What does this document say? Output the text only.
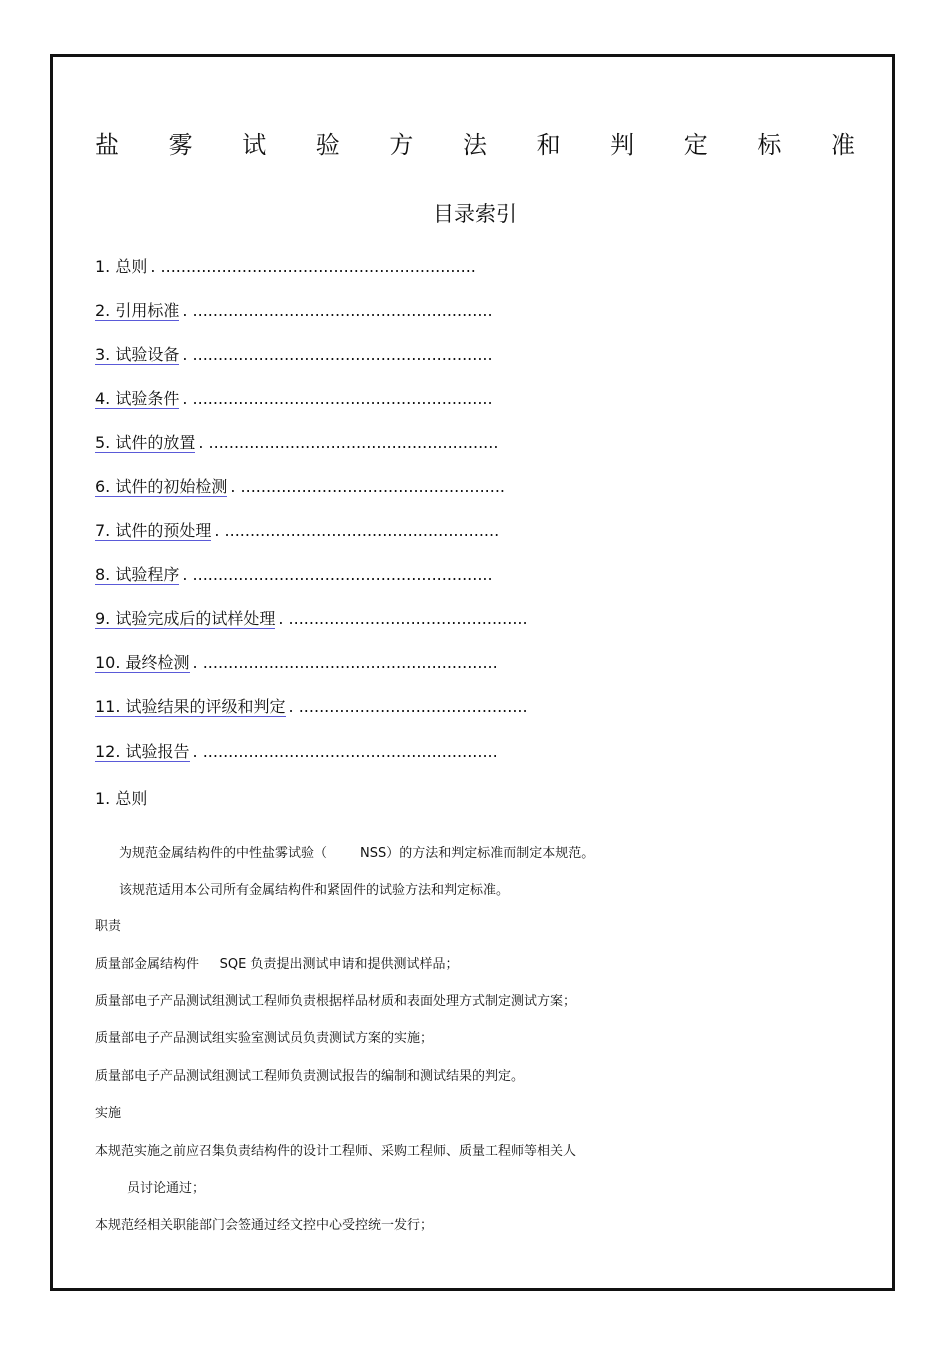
盐 雾 试 验 方 法 和 判 定 标 准
目录索引
1. 总则 . ..............................................................
2. 引用标准 . ...........................................................
3. 试验设备 . ...........................................................
4. 试验条件 . ...........................................................
5. 试件的放置 . .........................................................
6. 试件的初始检测 . ....................................................
7. 试件的预处理 . ......................................................
8. 试验程序 . ...........................................................
9. 试验完成后的试样处理 . ...............................................
10. 最终检测 . ..........................................................
11. 试验结果的评级和判定 . .............................................
12. 试验报告 . ..........................................................
1. 总则
为规范金属结构件的中性盐雾试验（        NSS）的方法和判定标准而制定本规范。
该规范适用本公司所有金属结构件和紧固件的试验方法和判定标准。
职责
质量部金属结构件     SQE 负责提出测试申请和提供测试样品；
质量部电子产品测试组测试工程师负责根据样品材质和表面处理方式制定测试方案；
质量部电子产品测试组实验室测试员负责测试方案的实施；
质量部电子产品测试组测试工程师负责测试报告的编制和测试结果的判定。
实施
本规范实施之前应召集负责结构件的设计工程师、采购工程师、质量工程师等相关人
员讨论通过；
本规范经相关职能部门会签通过经文控中心受控统一发行；
